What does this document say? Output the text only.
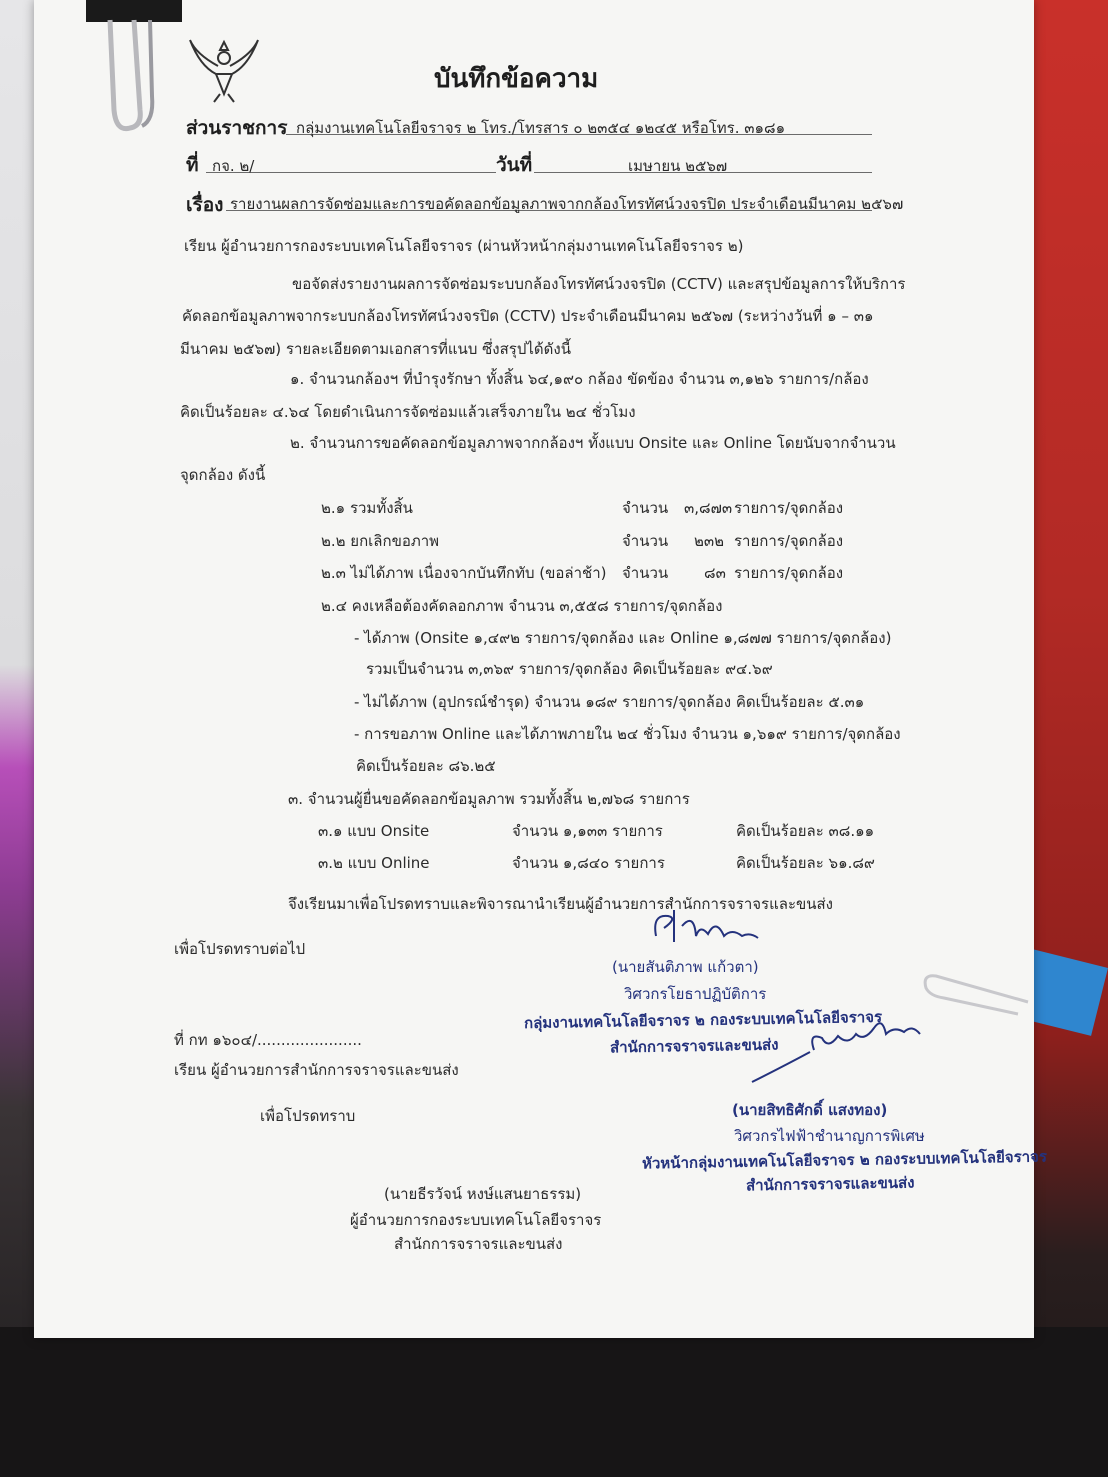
บันทึกข้อความ
ส่วนราชการ กลุ่มงานเทคโนโลยีจราจร ๒ โทร./โทรสาร ๐ ๒๓๕๔ ๑๒๔๕ หรือโทร. ๓๑๘๑
ที่ กจ. ๒/	วันที่	เมษายน ๒๕๖๗
เรื่อง รายงานผลการจัดซ่อมและการขอคัดลอกข้อมูลภาพจากกล้องโทรทัศน์วงจรปิด ประจำเดือนมีนาคม ๒๕๖๗
เรียน ผู้อำนวยการกองระบบเทคโนโลยีจราจร (ผ่านหัวหน้ากลุ่มงานเทคโนโลยีจราจร ๒)
ขอจัดส่งรายงานผลการจัดซ่อมระบบกล้องโทรทัศน์วงจรปิด (CCTV) และสรุปข้อมูลการให้บริการ
คัดลอกข้อมูลภาพจากระบบกล้องโทรทัศน์วงจรปิด (CCTV) ประจำเดือนมีนาคม ๒๕๖๗ (ระหว่างวันที่ ๑ – ๓๑
มีนาคม ๒๕๖๗) รายละเอียดตามเอกสารที่แนบ ซึ่งสรุปได้ดังนี้
๑. จำนวนกล้องฯ ที่บำรุงรักษา ทั้งสิ้น ๖๔,๑๙๐ กล้อง ขัดข้อง จำนวน ๓,๑๒๖ รายการ/กล้อง
คิดเป็นร้อยละ ๔.๖๔ โดยดำเนินการจัดซ่อมแล้วเสร็จภายใน ๒๔ ชั่วโมง
๒. จำนวนการขอคัดลอกข้อมูลภาพจากกล้องฯ ทั้งแบบ Onsite และ Online โดยนับจากจำนวน
จุดกล้อง ดังนี้
๒.๑ รวมทั้งสิ้น	จำนวน ๓,๘๗๓ รายการ/จุดกล้อง
๒.๒ ยกเลิกขอภาพ	จำนวน ๒๓๒ รายการ/จุดกล้อง
๒.๓ ไม่ได้ภาพ เนื่องจากบันทึกทับ (ขอล่าช้า) จำนวน ๘๓ รายการ/จุดกล้อง
๒.๔ คงเหลือต้องคัดลอกภาพ จำนวน ๓,๕๕๘ รายการ/จุดกล้อง
- ได้ภาพ (Onsite ๑,๔๙๒ รายการ/จุดกล้อง และ Online ๑,๘๗๗ รายการ/จุดกล้อง)
รวมเป็นจำนวน ๓,๓๖๙ รายการ/จุดกล้อง คิดเป็นร้อยละ ๙๔.๖๙
- ไม่ได้ภาพ (อุปกรณ์ชำรุด) จำนวน ๑๘๙ รายการ/จุดกล้อง คิดเป็นร้อยละ ๕.๓๑
- การขอภาพ Online และได้ภาพภายใน ๒๔ ชั่วโมง จำนวน ๑,๖๑๙ รายการ/จุดกล้อง
คิดเป็นร้อยละ ๘๖.๒๕
๓. จำนวนผู้ยื่นขอคัดลอกข้อมูลภาพ รวมทั้งสิ้น ๒,๗๖๘ รายการ
๓.๑ แบบ Onsite	จำนวน ๑,๑๓๓ รายการ	คิดเป็นร้อยละ ๓๘.๑๑
๓.๒ แบบ Online	จำนวน ๑,๘๔๐ รายการ	คิดเป็นร้อยละ ๖๑.๘๙
จึงเรียนมาเพื่อโปรดทราบและพิจารณานำเรียนผู้อำนวยการสำนักการจราจรและขนส่ง
เพื่อโปรดทราบต่อไป
(นายสันติภาพ แก้วตา)
วิศวกรโยธาปฏิบัติการ
กลุ่มงานเทคโนโลยีจราจร ๒ กองระบบเทคโนโลยีจราจร
สำนักการจราจรและขนส่ง
ที่ กท ๑๖๐๔/......................
เรียน ผู้อำนวยการสำนักการจราจรและขนส่ง
เพื่อโปรดทราบ	(นายสิทธิศักดิ์ แสงทอง)
วิศวกรไฟฟ้าชำนาญการพิเศษ
หัวหน้ากลุ่มงานเทคโนโลยีจราจร ๒ กองระบบเทคโนโลยีจราจร
สำนักการจราจรและขนส่ง
(นายธีรวัจน์ หงษ์แสนยาธรรม)
ผู้อำนวยการกองระบบเทคโนโลยีจราจร
สำนักการจราจรและขนส่ง
